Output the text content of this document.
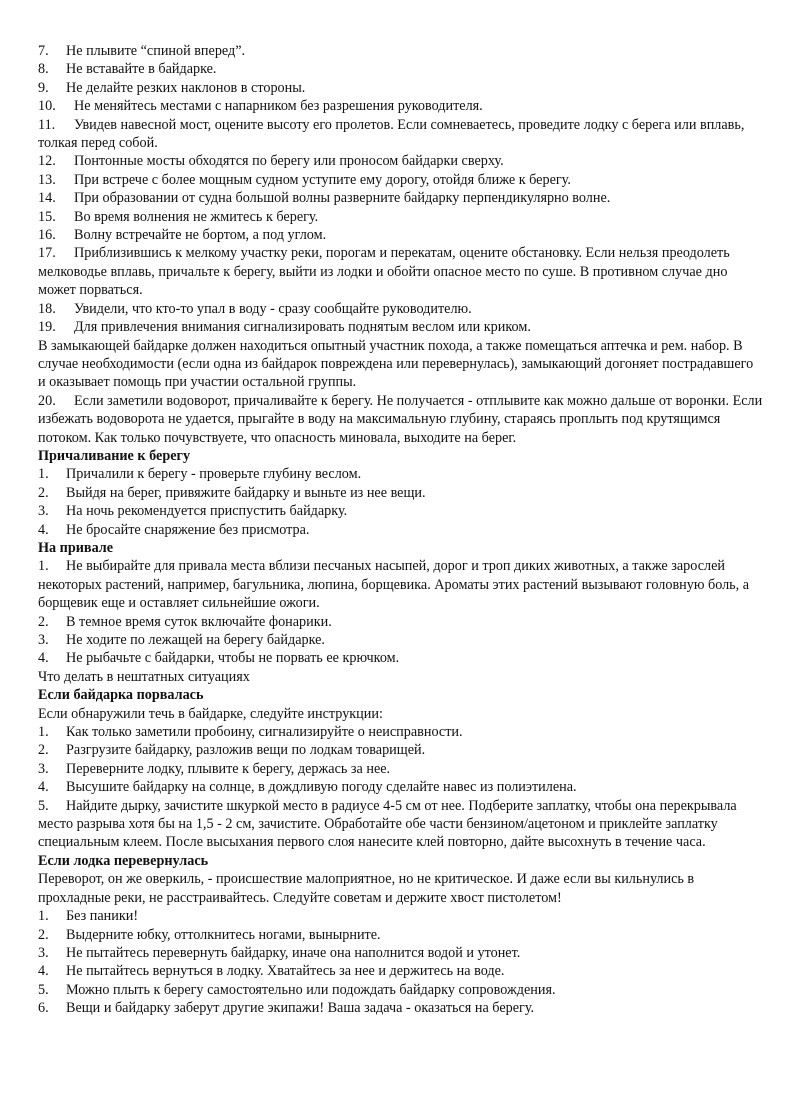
7. Не плывите “спиной вперед”.
8. Не вставайте в байдарке.
9. Не делайте резких наклонов в стороны.
10. Не меняйтесь местами с напарником без разрешения руководителя.
11. Увидев навесной мост, оцените высоту его пролетов. Если сомневаетесь, проведите лодку с берега или вплавь, толкая перед собой.
12. Понтонные мосты обходятся по берегу или проносом байдарки сверху.
13. При встрече с более мощным судном уступите ему дорогу, отойдя ближе к берегу.
14. При образовании от судна большой волны разверните байдарку перпендикулярно волне.
15. Во время волнения не жмитесь к берегу.
16. Волну встречайте не бортом, а под углом.
17. Приблизившись к мелкому участку реки, порогам и перекатам, оцените обстановку. Если нельзя преодолеть мелководье вплавь, причальте к берегу, выйти из лодки и обойти опасное место по суше. В противном случае дно может порваться.
18. Увидели, что кто-то упал в воду - сразу сообщайте руководителю.
19. Для привлечения внимания сигнализировать поднятым веслом или криком.

В замыкающей байдарке должен находиться опытный участник похода, а также помещаться аптечка и рем. набор. В случае необходимости (если одна из байдарок повреждена или перевернулась), замыкающий догоняет пострадавшего и оказывает помощь при участии остальной группы.

20. Если заметили водоворот, причаливайте к берегу. Не получается - отплывите как можно дальше от воронки. Если избежать водоворота не удается, прыгайте в воду на максимальную глубину, стараясь проплыть под крутящимся потоком. Как только почувствуете, что опасность миновала, выходите на берег.

Причаливание к берегу

1. Причалили к берегу - проверьте глубину веслом.
2. Выйдя на берег, привяжите байдарку и выньте из нее вещи.
3. На ночь рекомендуется приспустить байдарку.
4. Не бросайте снаряжение без присмотра.

На привале

1. Не выбирайте для привала места вблизи песчаных насыпей, дорог и троп диких животных, а также зарослей некоторых растений, например, багульника, люпина, борщевика. Ароматы этих растений вызывают головную боль, а борщевик еще и оставляет сильнейшие ожоги.
2. В темное время суток включайте фонарики.
3. Не ходите по лежащей на берегу байдарке.
4. Не рыбачьте с байдарки, чтобы не порвать ее крючком.

Что делать в нештатных ситуациях

Если байдарка порвалась

Если обнаружили течь в байдарке, следуйте инструкции:

1. Как только заметили пробоину, сигнализируйте о неисправности.
2. Разгрузите байдарку, разложив вещи по лодкам товарищей.
3. Переверните лодку, плывите к берегу, держась за нее.
4. Высушите байдарку на солнце, в дождливую погоду сделайте навес из полиэтилена.
5. Найдите дырку, зачистите шкуркой место в радиусе 4-5 см от нее. Подберите заплатку, чтобы она перекрывала место разрыва хотя бы на 1,5 - 2 см, зачистите. Обработайте обе части бензином/ацетоном и приклейте заплатку специальным клеем. После высыхания первого слоя нанесите клей повторно, дайте высохнуть в течение часа.

Если лодка перевернулась

Переворот, он же оверкиль, - происшествие малоприятное, но не критическое. И даже если вы кильнулись в прохладные реки, не расстраивайтесь. Следуйте советам и держите хвост пистолетом!

1. Без паники!
2. Выдерните юбку, оттолкнитесь ногами, вынырните.
3. Не пытайтесь перевернуть байдарку, иначе она наполнится водой и утонет.
4. Не пытайтесь вернуться в лодку. Хватайтесь за нее и держитесь на воде.
5. Можно плыть к берегу самостоятельно или подождать байдарку сопровождения.
6. Вещи и байдарку заберут другие экипажи! Ваша задача - оказаться на берегу.
